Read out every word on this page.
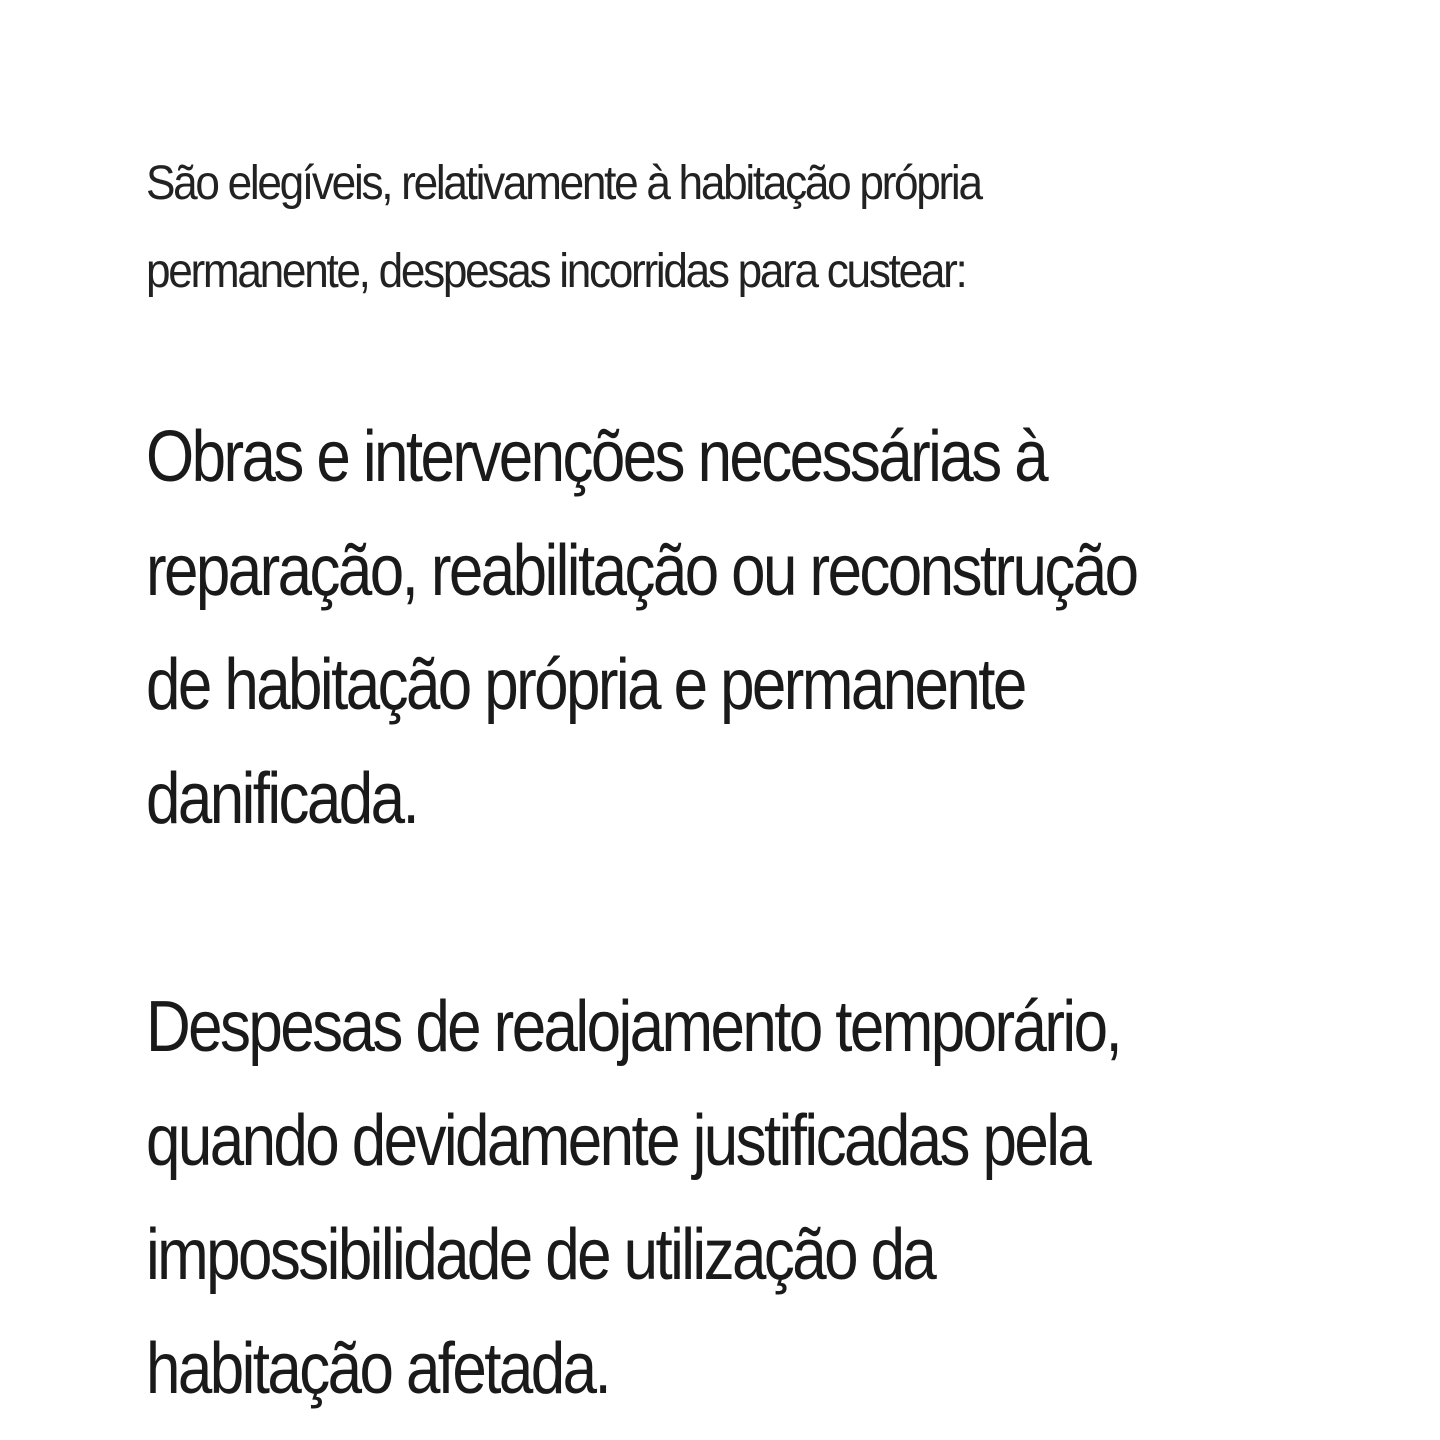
São elegíveis, relativamente à habitação própria
permanente, despesas incorridas para custear:

Obras e intervenções necessárias à
reparação, reabilitação ou reconstrução
de habitação própria e permanente
danificada.

Despesas de realojamento temporário,
quando devidamente justificadas pela
impossibilidade de utilização da
habitação afetada.
